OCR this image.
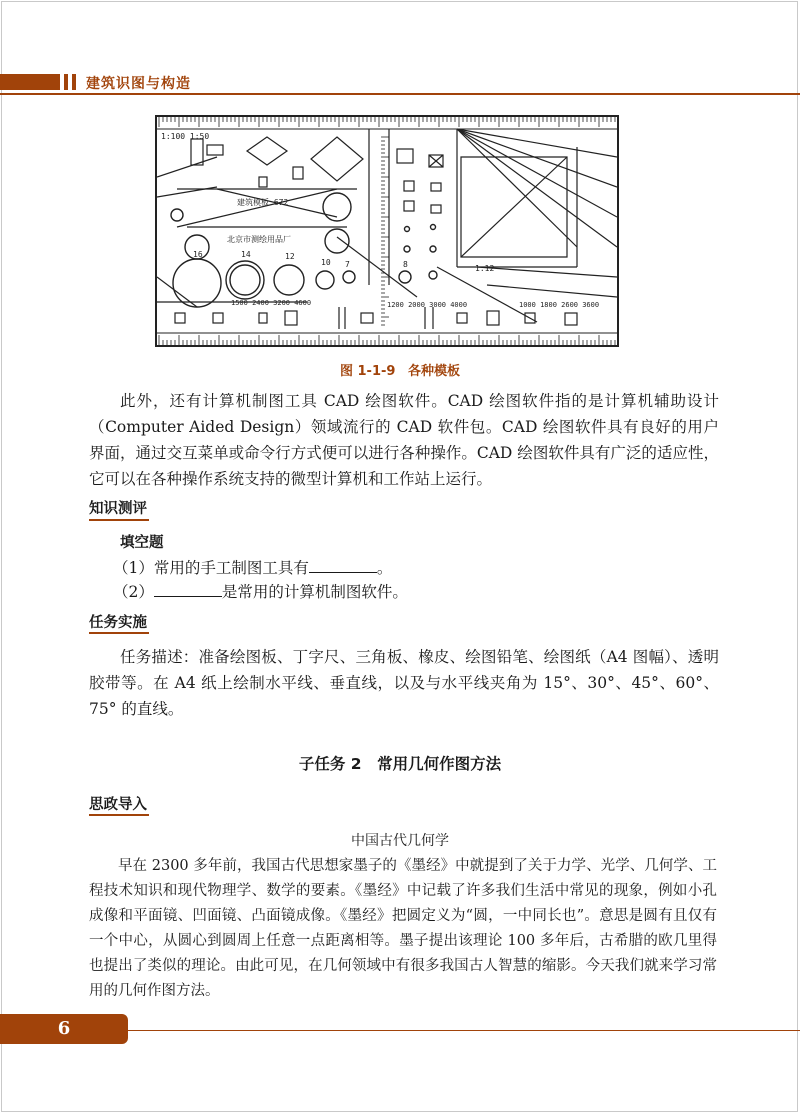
建筑识图与构造
1:100 1:50
建筑模板 672
北京市测绘用品厂
1:12
16	14	12
10 7	8
1500 2400 3200 4600	1200 2000 3000 4000	1000 1800 2600 3600
图 1-1-9 各种模板
此外，还有计算机制图工具 CAD 绘图软件。CAD 绘图软件指的是计算机辅助设计（Computer Aided Design）领域流行的 CAD 软件包。CAD 绘图软件具有良好的用户界面，通过交互菜单或命令行方式便可以进行各种操作。CAD 绘图软件具有广泛的适应性，它可以在各种操作系统支持的微型计算机和工作站上运行。
知识测评
填空题
（1）常用的手工制图工具有	。
（2）	是常用的计算机制图软件。
任务实施
任务描述：准备绘图板、丁字尺、三角板、橡皮、绘图铅笔、绘图纸（A4 图幅）、透明胶带等。在 A4 纸上绘制水平线、垂直线，以及与水平线夹角为 15°、30°、45°、60°、75° 的直线。
子任务 2　常用几何作图方法
思政导入
中国古代几何学
早在 2300 多年前，我国古代思想家墨子的《墨经》中就提到了关于力学、光学、几何学、工程技术知识和现代物理学、数学的要素。《墨经》中记载了许多我们生活中常见的现象，例如小孔成像和平面镜、凹面镜、凸面镜成像。《墨经》把圆定义为“圆，一中同长也”。意思是圆有且仅有一个中心，从圆心到圆周上任意一点距离相等。墨子提出该理论 100 多年后，古希腊的欧几里得也提出了类似的理论。由此可见，在几何领域中有很多我国古人智慧的缩影。今天我们就来学习常用的几何作图方法。
6
